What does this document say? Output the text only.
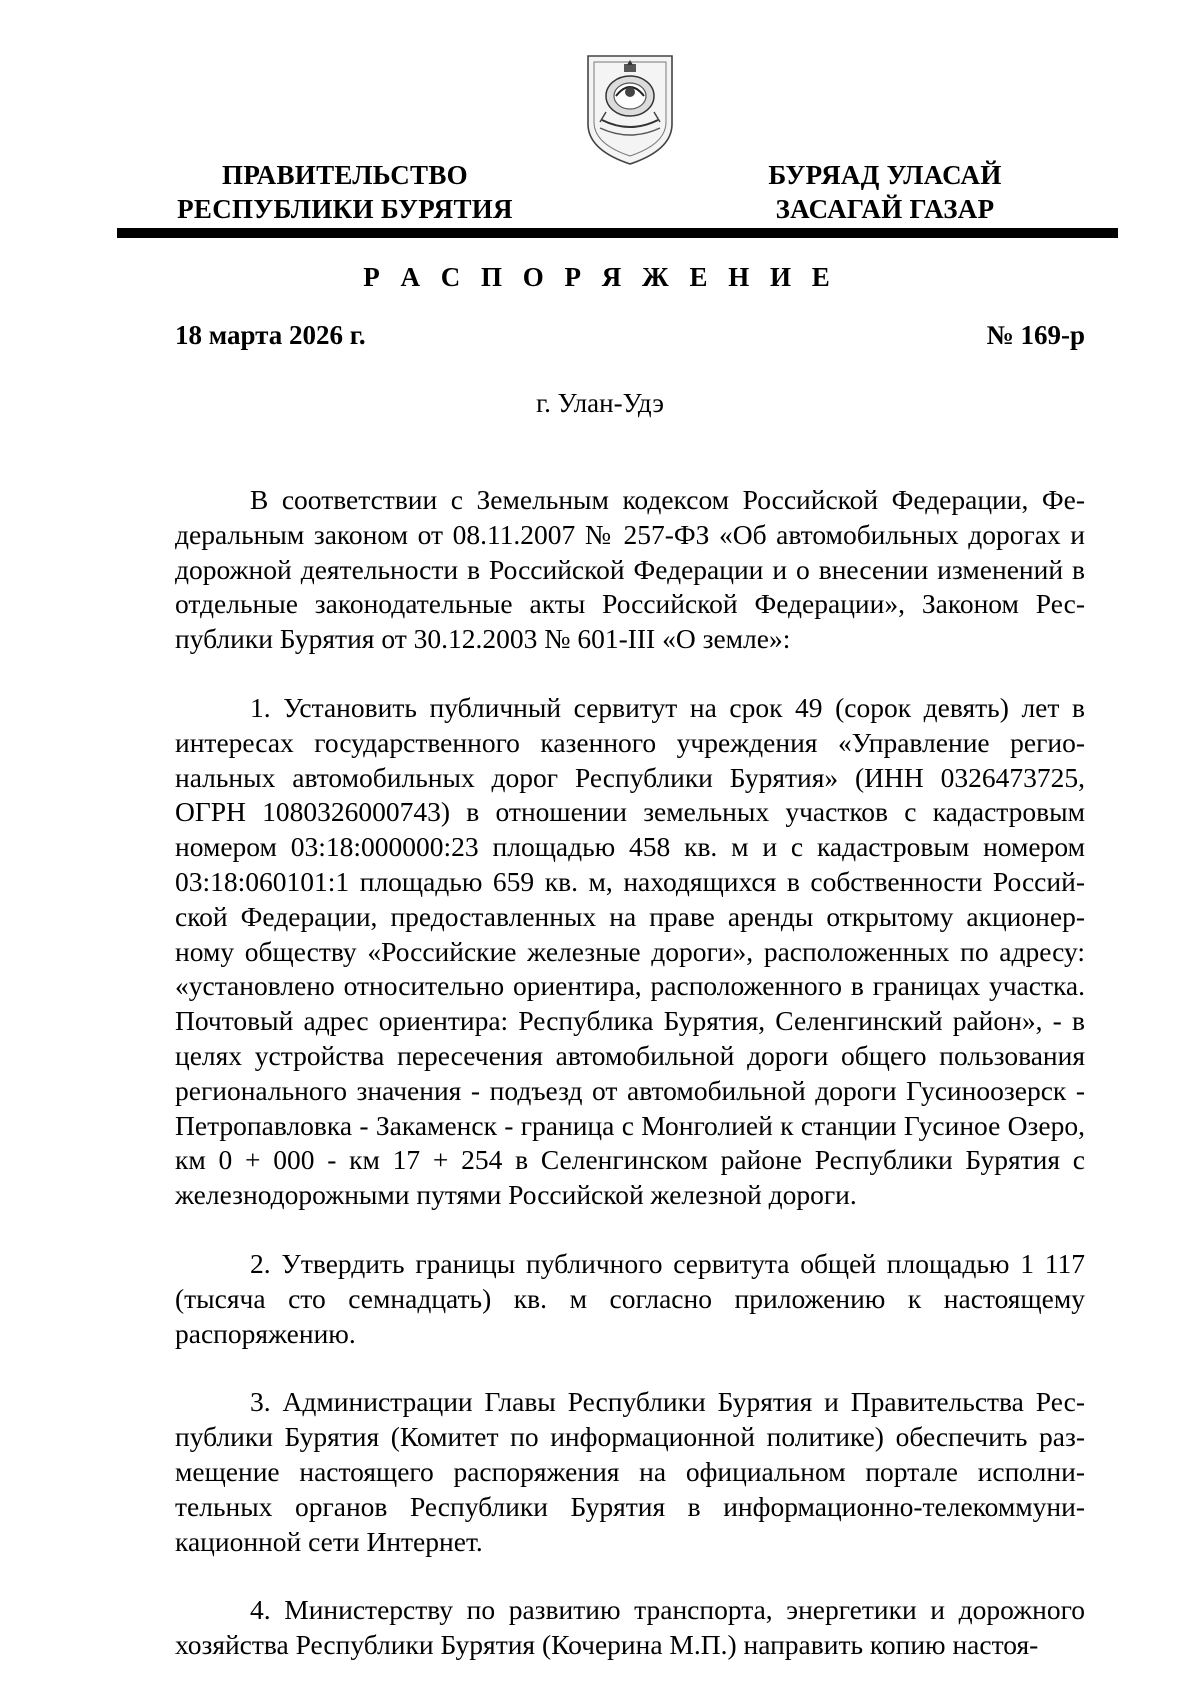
ПРАВИТЕЛЬСТВО
РЕСПУБЛИКИ БУРЯТИЯ
БУРЯАД УЛАСАЙ
ЗАСАГАЙ ГАЗАР
Р А С П О Р Я Ж Е Н И Е
18 марта 2026 г.	№ 169-р
г. Улан-Удэ

В соответствии с Земельным кодексом Российской Федерации, Федеральным законом от 08.11.2007 № 257-ФЗ «Об автомобильных дорогах и дорожной деятельности в Российской Федерации и о внесении изменений в отдельные законодательные акты Российской Федерации», Законом Республики Бурятия от 30.12.2003 № 601-III «О земле»:

1. Установить публичный сервитут на срок 49 (сорок девять) лет в интересах государственного казенного учреждения «Управление региональных автомобильных дорог Республики Бурятия» (ИНН 0326473725, ОГРН 1080326000743) в отношении земельных участков с кадастровым номером 03:18:000000:23 площадью 458 кв. м и с кадастровым номером 03:18:060101:1 площадью 659 кв. м, находящихся в собственности Российской Федерации, предоставленных на праве аренды открытому акционерному обществу «Российские железные дороги», расположенных по адресу: «установлено относительно ориентира, расположенного в границах участка. Почтовый адрес ориентира: Республика Бурятия, Селенгинский район», - в целях устройства пересечения автомобильной дороги общего пользования регионального значения - подъезд от автомобильной дороги Гусиноозерск - Петропавловка - Закаменск - граница с Монголией к станции Гусиное Озеро, км 0 + 000 - км 17 + 254 в Селенгинском районе Республики Бурятия с железнодорожными путями Российской железной дороги.

2. Утвердить границы публичного сервитута общей площадью 1 117 (тысяча сто семнадцать) кв. м согласно приложению к настоящему распоряжению.

3. Администрации Главы Республики Бурятия и Правительства Республики Бурятия (Комитет по информационной политике) обеспечить размещение настоящего распоряжения на официальном портале исполнительных органов Республики Бурятия в информационно-телекоммуникационной сети Интернет.

4. Министерству по развитию транспорта, энергетики и дорожного хозяйства Республики Бурятия (Кочерина М.П.) направить копию настоя-
